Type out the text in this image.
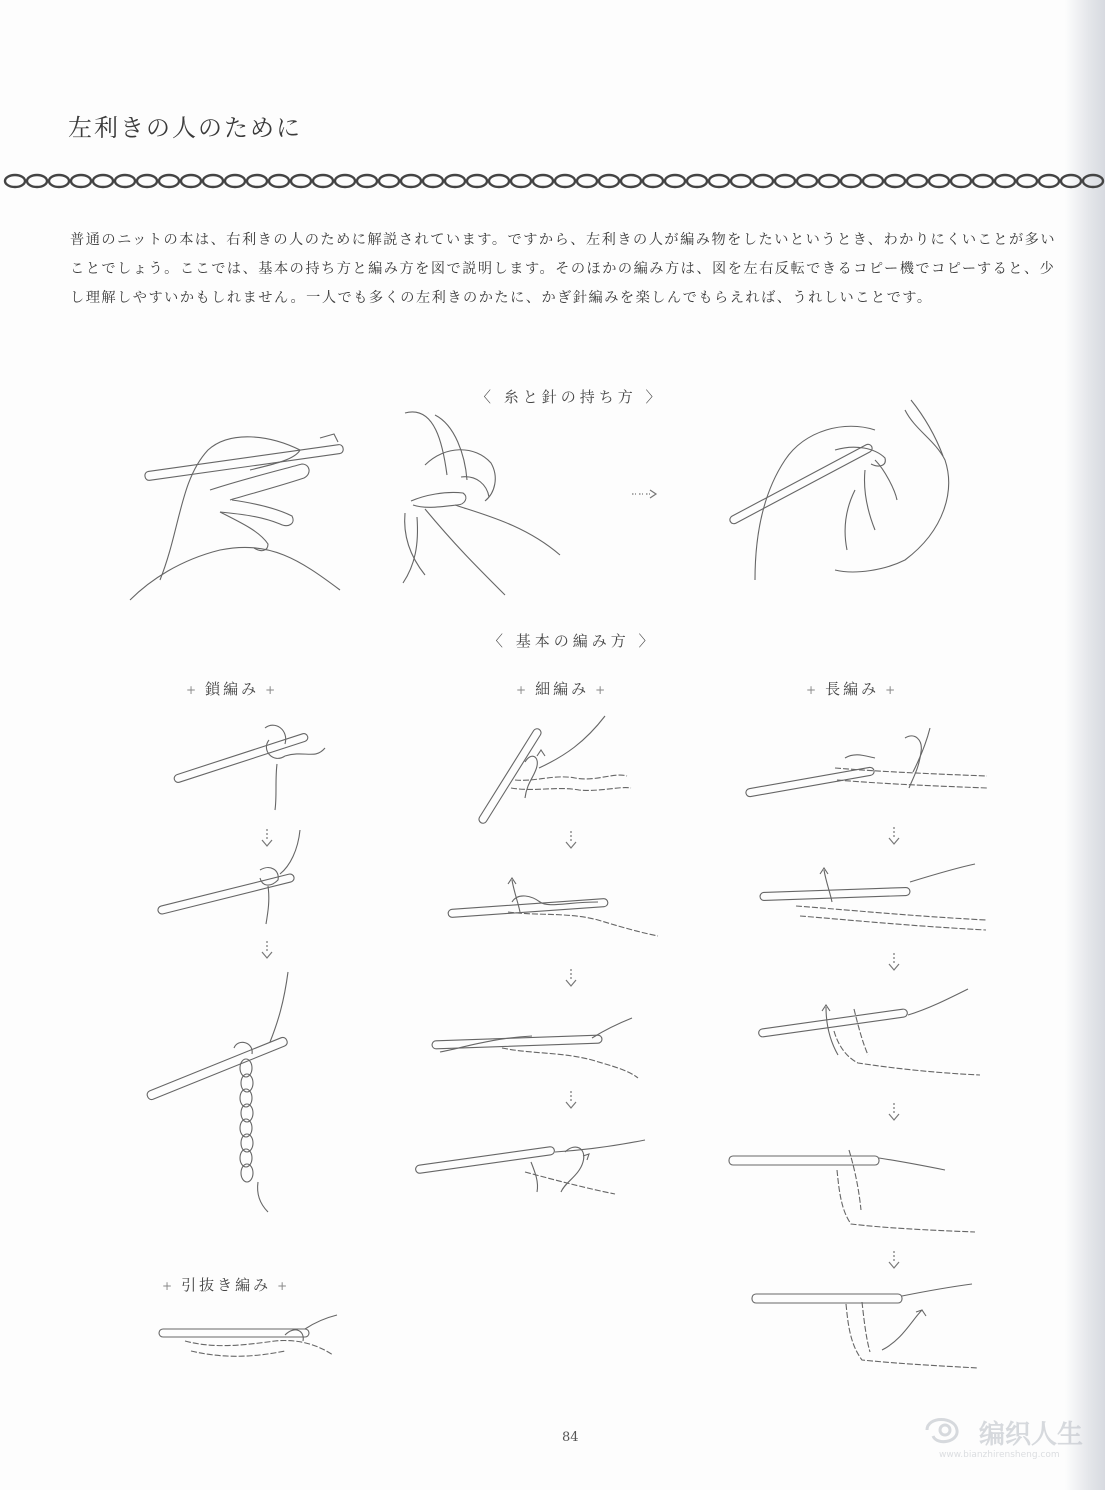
左利きの人のために

普通のニットの本は、右利きの人のために解説されています。ですから、左利きの人が編み物をしたいというとき、わかりにくいことが多いことでしょう。ここでは、基本の持ち方と編み方を図で説明します。そのほかの編み方は、図を左右反転できるコピー機でコピーすると、少し理解しやすいかもしれません。一人でも多くの左利きのかたに、かぎ針編みを楽しんでもらえれば、うれしいことです。

〈 糸と針の持ち方 〉
〈 基本の編み方 〉
+ 鎖編み +	+ 細編み +	+ 長編み +
+ 引抜き編み +
84	编织人生
www.bianzhirensheng.com
